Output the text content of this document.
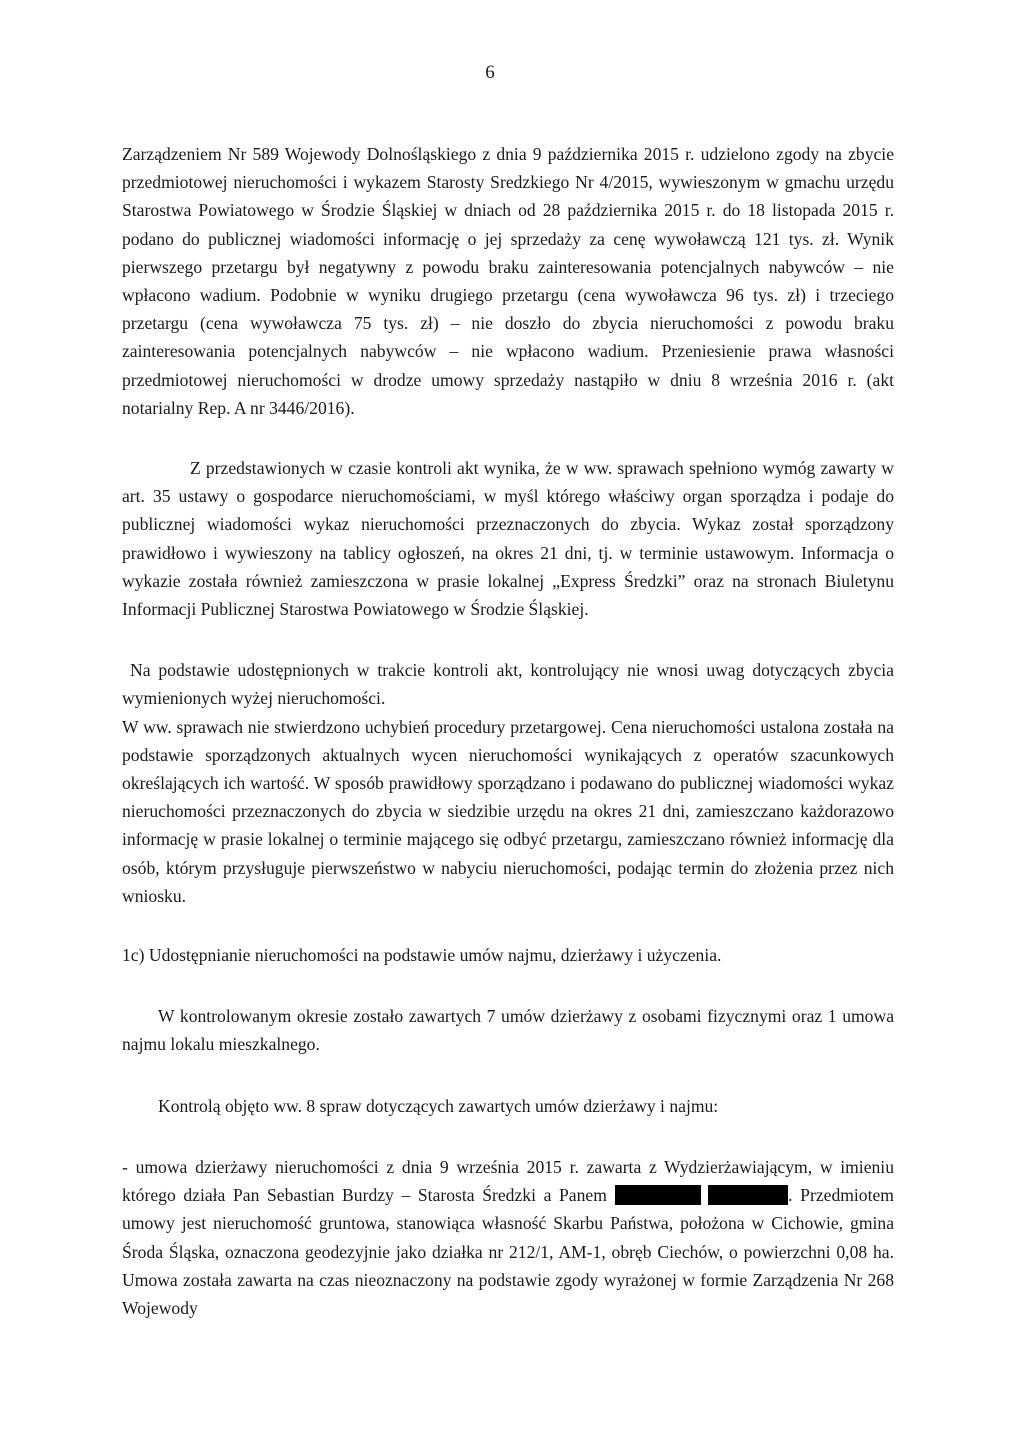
6

Zarządzeniem Nr 589 Wojewody Dolnośląskiego z dnia 9 października 2015 r. udzielono zgody na zbycie przedmiotowej nieruchomości i wykazem Starosty Sredzkiego Nr 4/2015, wywieszonym w gmachu urzędu Starostwa Powiatowego w Środzie Śląskiej w dniach od 28 października 2015 r. do 18 listopada 2015 r. podano do publicznej wiadomości informację o jej sprzedaży za cenę wywoławczą 121 tys. zł. Wynik pierwszego przetargu był negatywny z powodu braku zainteresowania potencjalnych nabywców – nie wpłacono wadium. Podobnie w wyniku drugiego przetargu (cena wywoławcza 96 tys. zł) i trzeciego przetargu (cena wywoławcza 75 tys. zł) – nie doszło do zbycia nieruchomości z powodu braku zainteresowania potencjalnych nabywców – nie wpłacono wadium. Przeniesienie prawa własności przedmiotowej nieruchomości w drodze umowy sprzedaży nastąpiło w dniu 8 września 2016 r. (akt notarialny Rep. A nr 3446/2016).

Z przedstawionych w czasie kontroli akt wynika, że w ww. sprawach spełniono wymóg zawarty w art. 35 ustawy o gospodarce nieruchomościami, w myśl którego właściwy organ sporządza i podaje do publicznej wiadomości wykaz nieruchomości przeznaczonych do zbycia. Wykaz został sporządzony prawidłowo i wywieszony na tablicy ogłoszeń, na okres 21 dni, tj. w terminie ustawowym. Informacja o wykazie została również zamieszczona w prasie lokalnej „Express Średzki” oraz na stronach Biuletynu Informacji Publicznej Starostwa Powiatowego w Środzie Śląskiej.

Na podstawie udostępnionych w trakcie kontroli akt, kontrolujący nie wnosi uwag dotyczących zbycia wymienionych wyżej nieruchomości.

W ww. sprawach nie stwierdzono uchybień procedury przetargowej. Cena nieruchomości ustalona została na podstawie sporządzonych aktualnych wycen nieruchomości wynikających z operatów szacunkowych określających ich wartość. W sposób prawidłowy sporządzano i podawano do publicznej wiadomości wykaz nieruchomości przeznaczonych do zbycia w siedzibie urzędu na okres 21 dni, zamieszczano każdorazowo informację w prasie lokalnej o terminie mającego się odbyć przetargu, zamieszczano również informację dla osób, którym przysługuje pierwszeństwo w nabyciu nieruchomości, podając termin do złożenia przez nich wniosku.

1c) Udostępnianie nieruchomości na podstawie umów najmu, dzierżawy i użyczenia.

W kontrolowanym okresie zostało zawartych 7 umów dzierżawy z osobami fizycznymi oraz 1 umowa najmu lokalu mieszkalnego.

Kontrolą objęto ww. 8 spraw dotyczących zawartych umów dzierżawy i najmu:

- umowa dzierżawy nieruchomości z dnia 9 września 2015 r. zawarta z Wydzierżawiającym, w imieniu którego działa Pan Sebastian Burdzy – Starosta Średzki a Panem	. Przedmiotem umowy jest nieruchomość gruntowa, stanowiąca własność Skarbu Państwa, położona w Cichowie, gmina Środa Śląska, oznaczona geodezyjnie jako działka nr 212/1, AM-1, obręb Ciechów, o powierzchni 0,08 ha. Umowa została zawarta na czas nieoznaczony na podstawie zgody wyrażonej w formie Zarządzenia Nr 268 Wojewody
